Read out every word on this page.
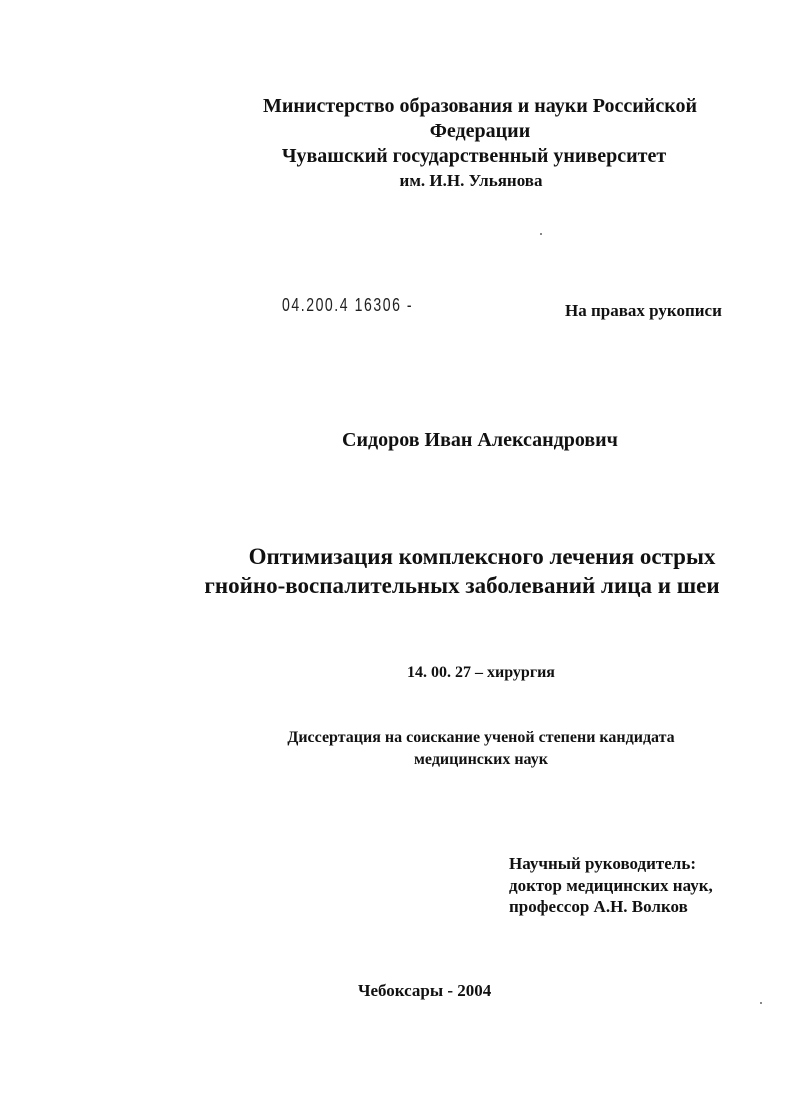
Министерство образования и науки Российской
Федерации
Чувашский государственный университет
им. И.Н. Ульянова
04.200.4 16306 -	На правах рукописи
Сидоров Иван Александрович
Оптимизация комплексного лечения острых
гнойно-воспалительных заболеваний лица и шеи
14. 00. 27 – хирургия
Диссертация на соискание ученой степени кандидата
медицинских наук
Научный руководитель:
доктор медицинских наук,
профессор А.Н. Волков
Чебоксары - 2004
